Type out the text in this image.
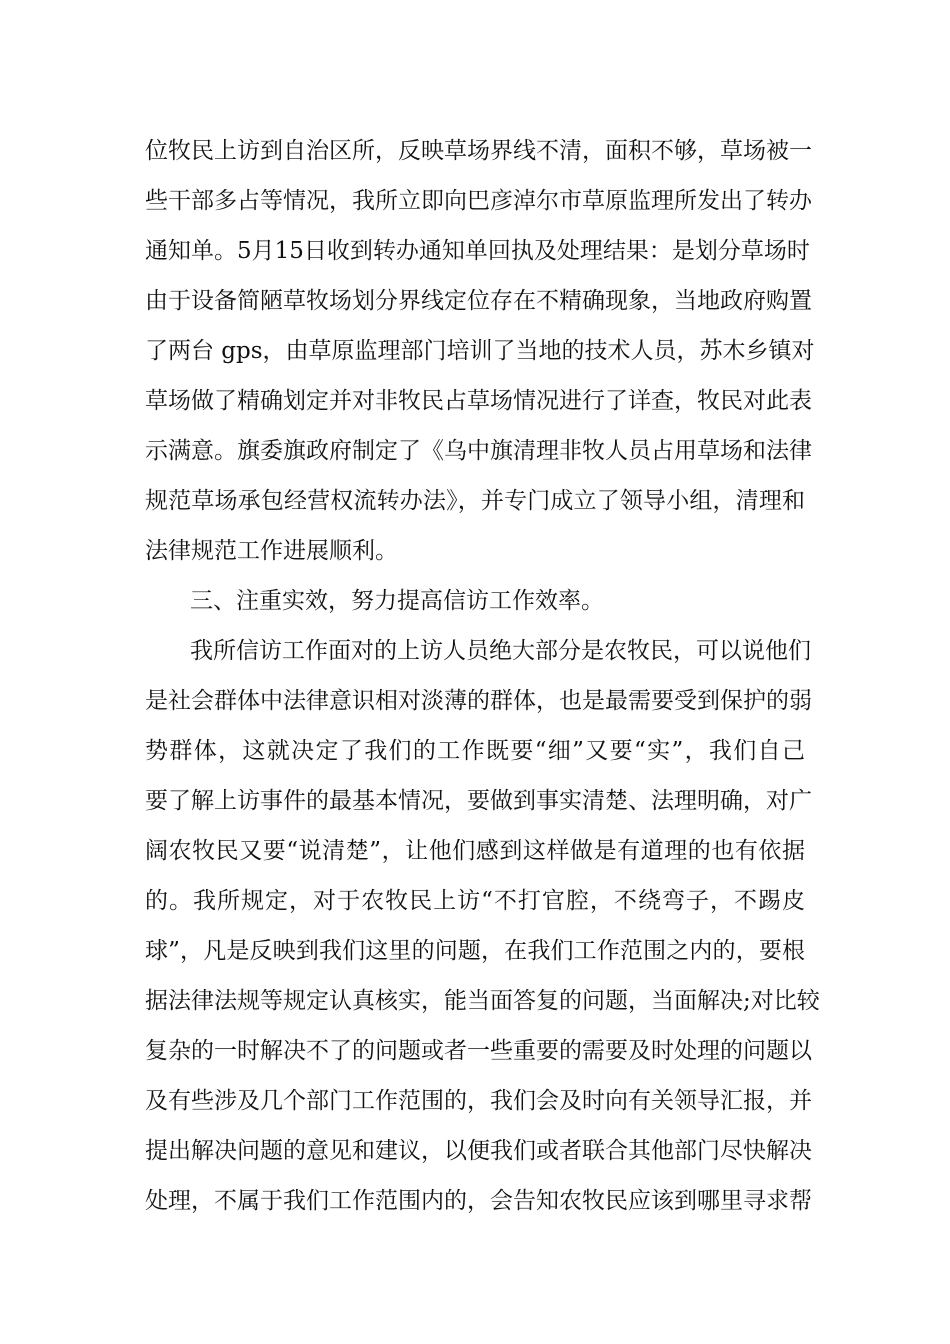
位牧民上访到自治区所，反映草场界线不清，面积不够，草场被一
些干部多占等情况，我所立即向巴彦淖尔市草原监理所发出了转办
通知单。5月15日收到转办通知单回执及处理结果：是划分草场时
由于设备简陋草牧场划分界线定位存在不精确现象，当地政府购置
了两台 gps，由草原监理部门培训了当地的技术人员，苏木乡镇对
草场做了精确划定并对非牧民占草场情况进行了详查，牧民对此表
示满意。旗委旗政府制定了《乌中旗清理非牧人员占用草场和法律
规范草场承包经营权流转办法》，并专门成立了领导小组，清理和
法律规范工作进展顺利。
三、注重实效，努力提高信访工作效率。
我所信访工作面对的上访人员绝大部分是农牧民，可以说他们
是社会群体中法律意识相对淡薄的群体，也是最需要受到保护的弱
势群体，这就决定了我们的工作既要“细”又要“实”，我们自己
要了解上访事件的最基本情况，要做到事实清楚、法理明确，对广
阔农牧民又要“说清楚”，让他们感到这样做是有道理的也有依据
的。我所规定，对于农牧民上访“不打官腔，不绕弯子，不踢皮
球”，凡是反映到我们这里的问题，在我们工作范围之内的，要根
据法律法规等规定认真核实，能当面答复的问题，当面解决;对比较
复杂的一时解决不了的问题或者一些重要的需要及时处理的问题以
及有些涉及几个部门工作范围的，我们会及时向有关领导汇报，并
提出解决问题的意见和建议，以便我们或者联合其他部门尽快解决
处理，不属于我们工作范围内的，会告知农牧民应该到哪里寻求帮
